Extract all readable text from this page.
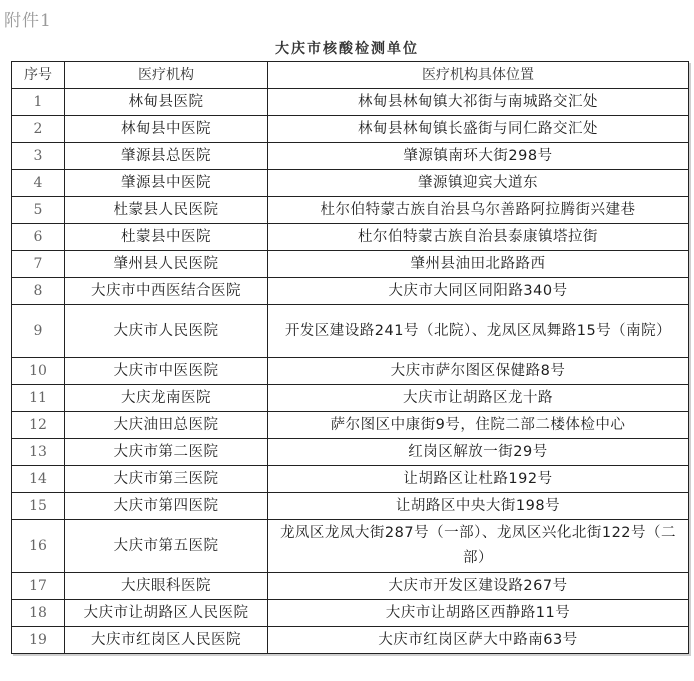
附件1
大庆市核酸检测单位
序号	医疗机构	医疗机构具体位置
1	林甸县医院	林甸县林甸镇大祁街与南城路交汇处
2	林甸县中医院	林甸县林甸镇长盛街与同仁路交汇处
3	肇源县总医院	肇源镇南环大街298号
4	肇源县中医院	肇源镇迎宾大道东
5	杜蒙县人民医院	杜尔伯特蒙古族自治县乌尔善路阿拉腾街兴建巷
6	杜蒙县中医院	杜尔伯特蒙古族自治县泰康镇塔拉街
7	肇州县人民医院	肇州县油田北路路西
8	大庆市中西医结合医院	大庆市大同区同阳路340号
9	大庆市人民医院	开发区建设路241号（北院）、龙凤区凤舞路15号（南院）
10	大庆市中医医院	大庆市萨尔图区保健路8号
11	大庆龙南医院	大庆市让胡路区龙十路
12	大庆油田总医院	萨尔图区中康街9号，住院二部二楼体检中心
13	大庆市第二医院	红岗区解放一街29号
14	大庆市第三医院	让胡路区让杜路192号
15	大庆市第四医院	让胡路区中央大街198号
16	大庆市第五医院	龙凤区龙凤大街287号（一部）、龙凤区兴化北街122号（二部）
17	大庆眼科医院	大庆市开发区建设路267号
18	大庆市让胡路区人民医院	大庆市让胡路区西静路11号
19	大庆市红岗区人民医院	大庆市红岗区萨大中路南63号
